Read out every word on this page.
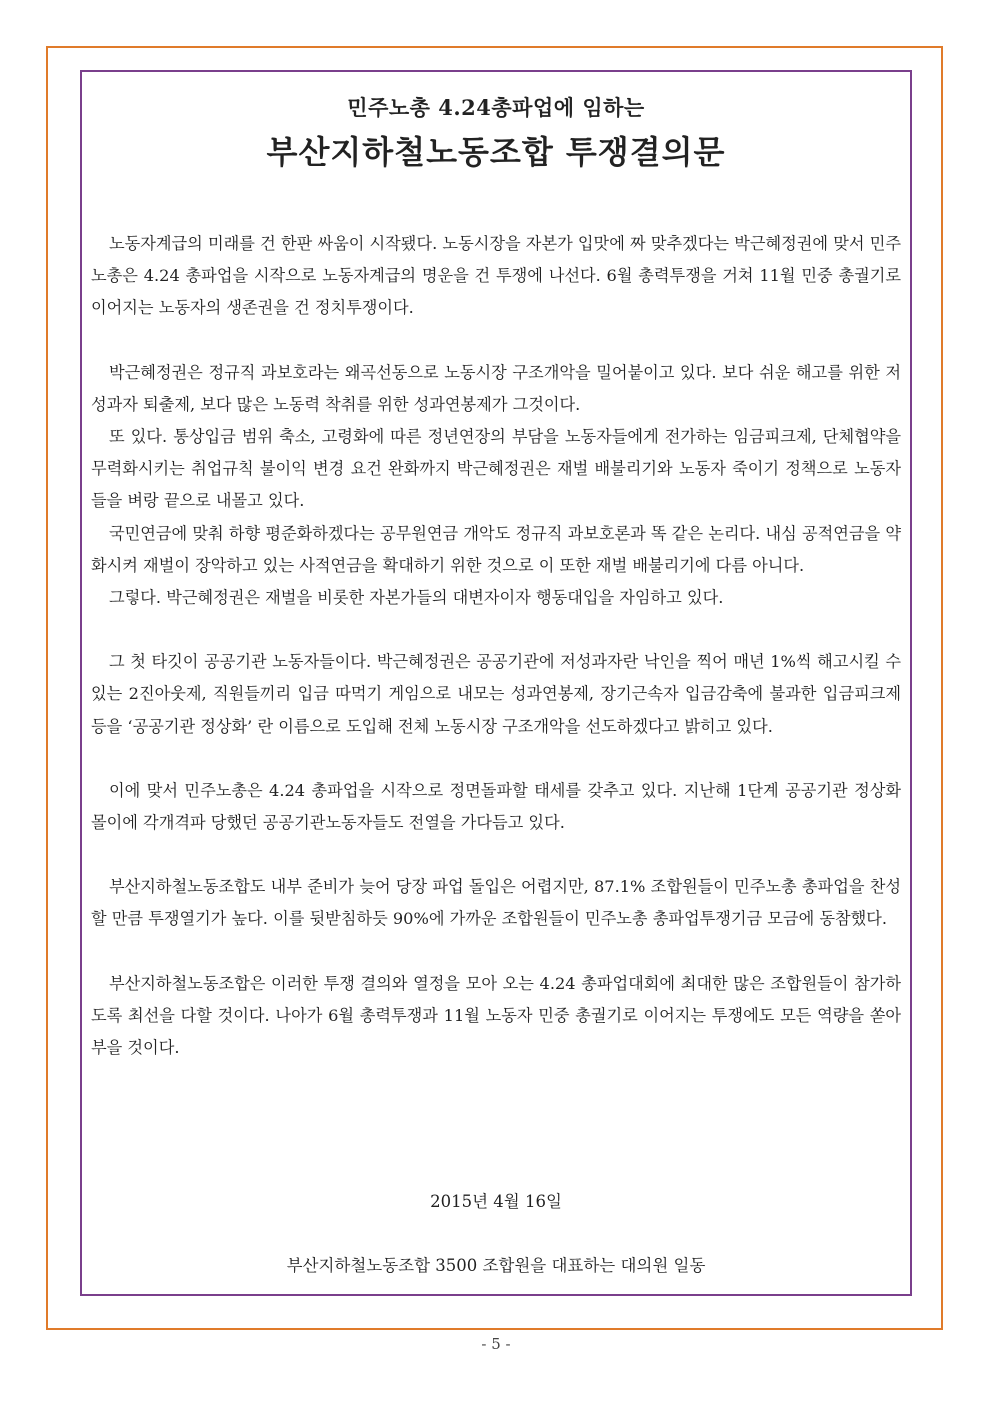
민주노총 4.24총파업에 임하는
부산지하철노동조합 투쟁결의문

노동자계급의 미래를 건 한판 싸움이 시작됐다. 노동시장을 자본가 입맛에 짜 맞추겠다는 박근혜정권에 맞서 민주노총은 4.24 총파업을 시작으로 노동자계급의 명운을 건 투쟁에 나선다. 6월 총력투쟁을 거쳐 11월 민중 총궐기로 이어지는 노동자의 생존권을 건 정치투쟁이다.

박근혜정권은 정규직 과보호라는 왜곡선동으로 노동시장 구조개악을 밀어붙이고 있다. 보다 쉬운 해고를 위한 저성과자 퇴출제, 보다 많은 노동력 착취를 위한 성과연봉제가 그것이다.

또 있다. 통상입금 범위 축소, 고령화에 따른 정년연장의 부담을 노동자들에게 전가하는 임금피크제, 단체협약을 무력화시키는 취업규칙 불이익 변경 요건 완화까지 박근혜정권은 재벌 배불리기와 노동자 죽이기 정책으로 노동자들을 벼랑 끝으로 내몰고 있다.

국민연금에 맞춰 하향 평준화하겠다는 공무원연금 개악도 정규직 과보호론과 똑 같은 논리다. 내심 공적연금을 약화시켜 재벌이 장악하고 있는 사적연금을 확대하기 위한 것으로 이 또한 재벌 배불리기에 다름 아니다.

그렇다. 박근혜정권은 재벌을 비롯한 자본가들의 대변자이자 행동대입을 자임하고 있다.

그 첫 타깃이 공공기관 노동자들이다. 박근혜정권은 공공기관에 저성과자란 낙인을 찍어 매년 1%씩 해고시킬 수 있는 2진아웃제, 직원들끼리 입금 따먹기 게임으로 내모는 성과연봉제, 장기근속자 입금감축에 불과한 입금피크제 등을 ‘공공기관 정상화’ 란 이름으로 도입해 전체 노동시장 구조개악을 선도하겠다고 밝히고 있다.

이에 맞서 민주노총은 4.24 총파업을 시작으로 정면돌파할 태세를 갖추고 있다. 지난해 1단계 공공기관 정상화 몰이에 각개격파 당했던 공공기관노동자들도 전열을 가다듬고 있다.

부산지하철노동조합도 내부 준비가 늦어 당장 파업 돌입은 어렵지만, 87.1% 조합원들이 민주노총 총파업을 찬성할 만큼 투쟁열기가 높다. 이를 뒷받침하듯 90%에 가까운 조합원들이 민주노총 총파업투쟁기금 모금에 동참했다.

부산지하철노동조합은 이러한 투쟁 결의와 열정을 모아 오는 4.24 총파업대회에 최대한 많은 조합원들이 참가하도록 최선을 다할 것이다. 나아가 6월 총력투쟁과 11월 노동자 민중 총궐기로 이어지는 투쟁에도 모든 역량을 쏟아 부을 것이다.

2015년 4월 16일
부산지하철노동조합 3500 조합원을 대표하는 대의원 일동
- 5 -
